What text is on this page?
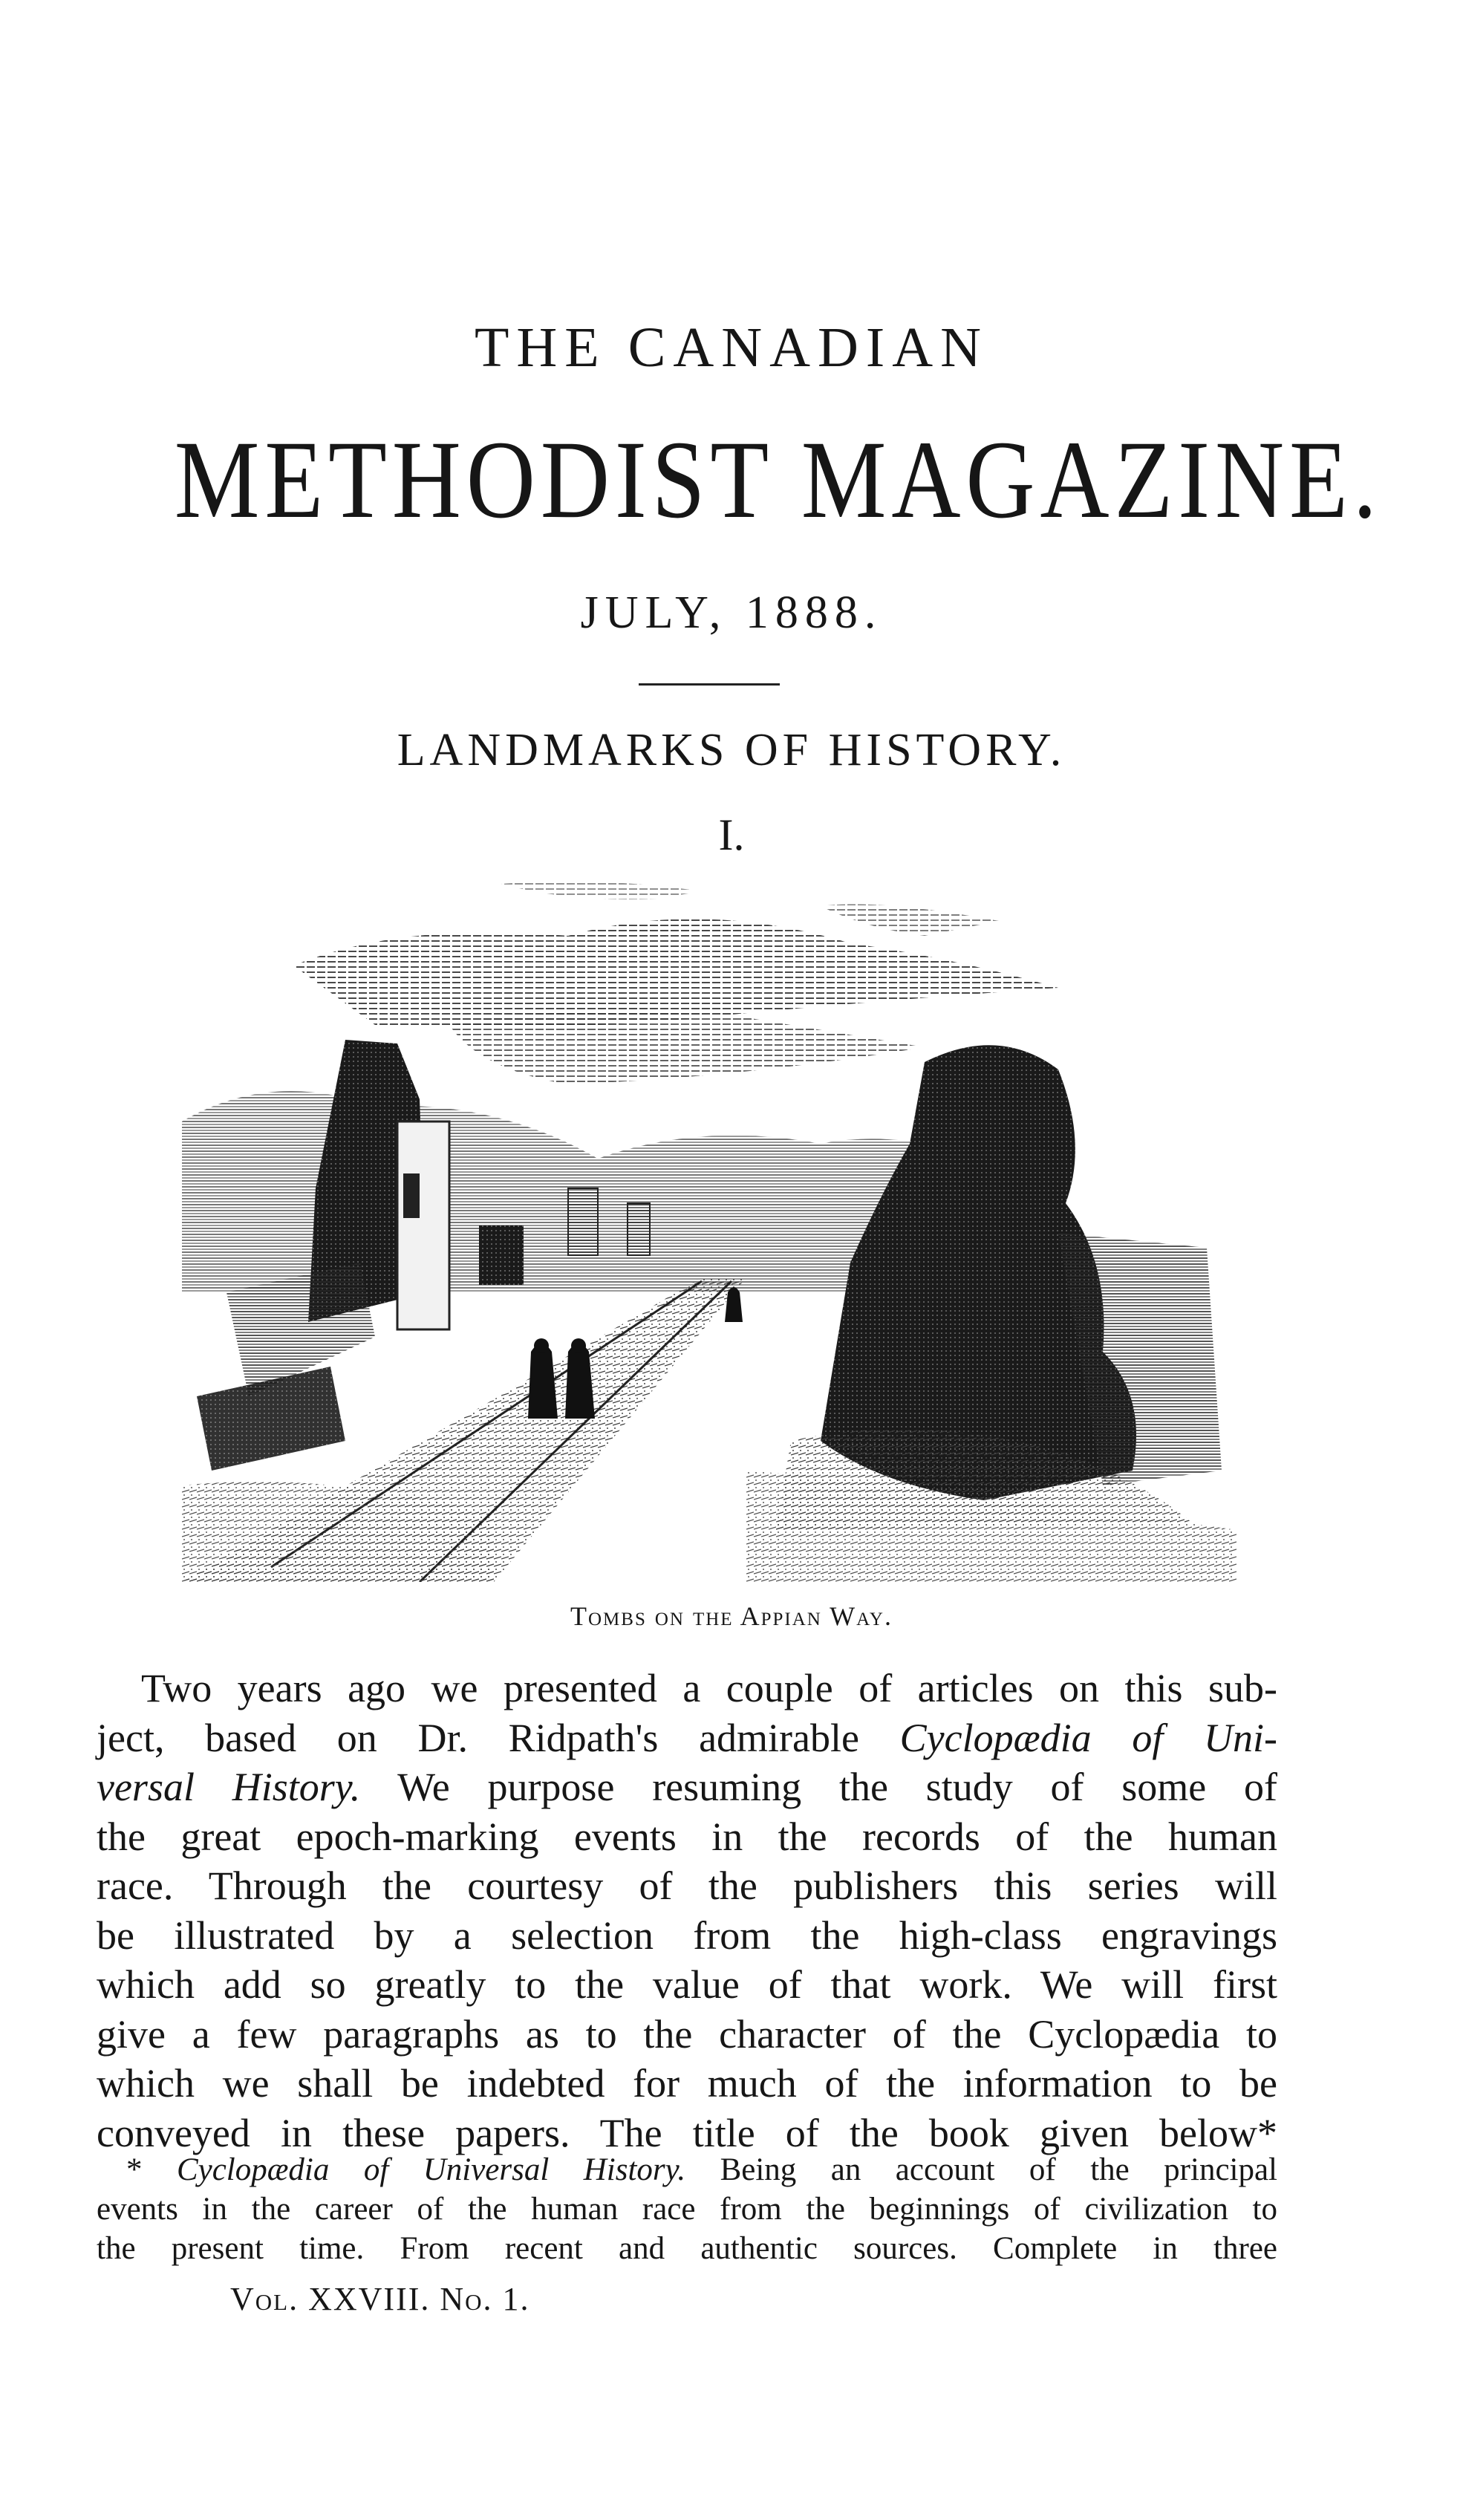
THE CANADIAN
METHODIST MAGAZINE.
JULY, 1888.
LANDMARKS OF HISTORY.
I.
Tombs on the Appian Way.
Two years ago we presented a couple of articles on this sub-
ject, based on Dr. Ridpath's admirable Cyclopædia of Uni-
versal History. We purpose resuming the study of some of
the great epoch-marking events in the records of the human
race. Through the courtesy of the publishers this series will
be illustrated by a selection from the high-class engravings
which add so greatly to the value of that work. We will first
give a few paragraphs as to the character of the Cyclopædia to
which we shall be indebted for much of the information to be
conveyed in these papers. The title of the book given below*
* Cyclopædia of Universal History. Being an account of the principal
events in the career of the human race from the beginnings of civilization to
the present time. From recent and authentic sources. Complete in three
Vol. XXVIII. No. 1.
